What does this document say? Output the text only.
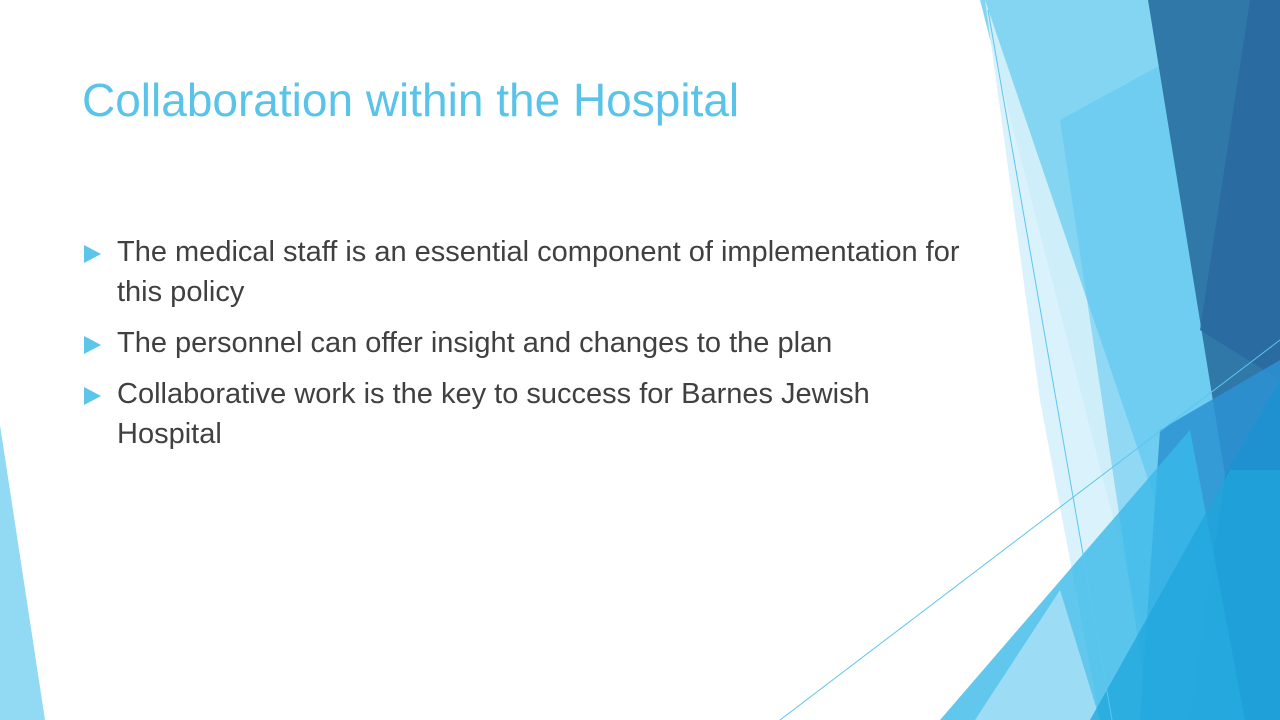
Collaboration within the Hospital
The medical staff is an essential component of implementation for this policy
The personnel can offer insight and changes to the plan
Collaborative work is the key to success for Barnes Jewish Hospital
